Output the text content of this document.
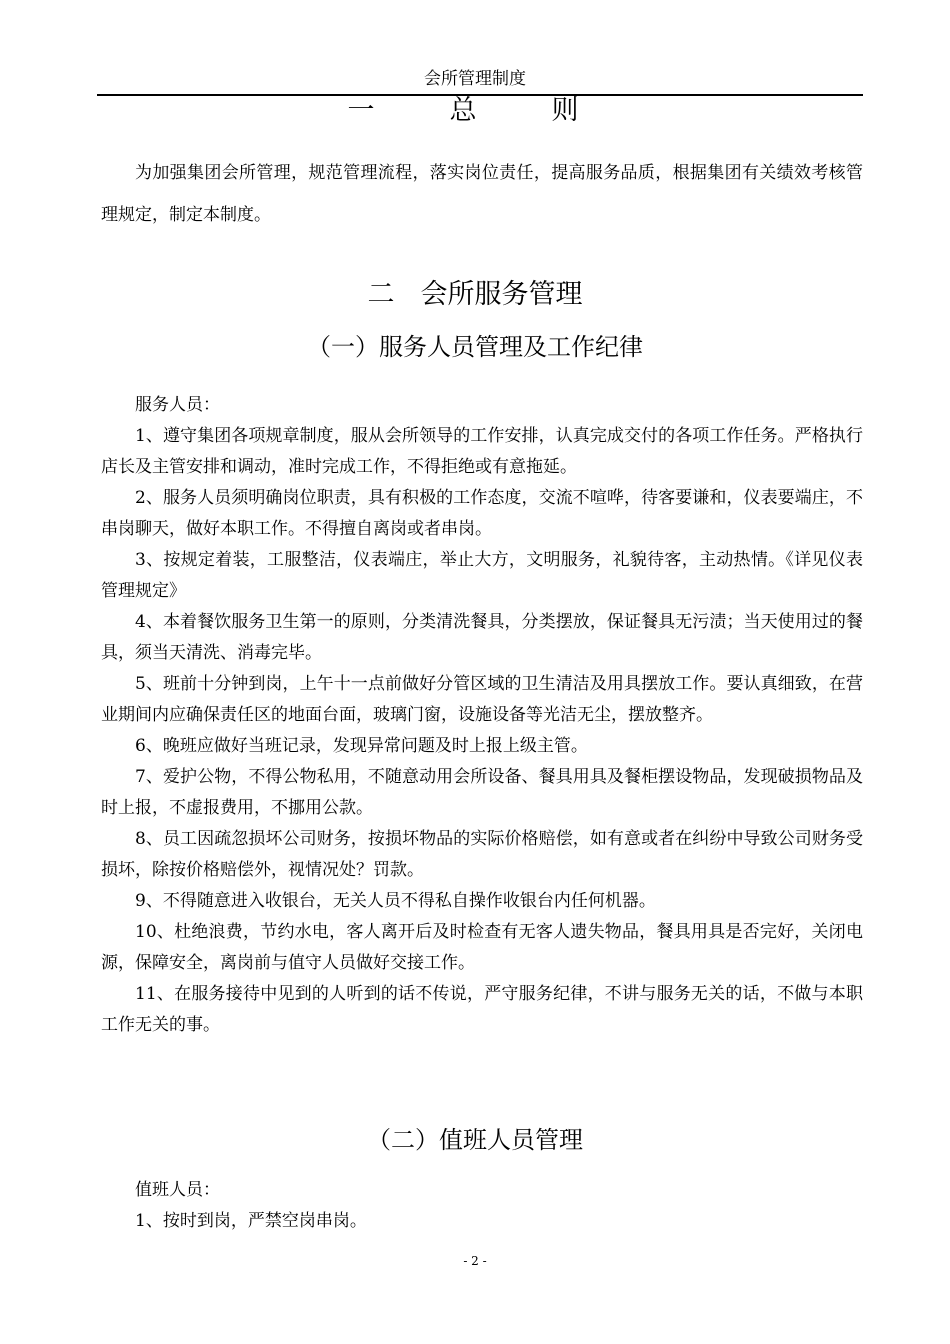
会所管理制度
一　总　则

为加强集团会所管理，规范管理流程，落实岗位责任，提高服务品质，根据集团有关绩效考核管理规定，制定本制度。

二 会所服务管理
（一）服务人员管理及工作纪律

服务人员：

1、遵守集团各项规章制度，服从会所领导的工作安排，认真完成交付的各项工作任务。严格执行店长及主管安排和调动，准时完成工作，不得拒绝或有意拖延。

2、服务人员须明确岗位职责，具有积极的工作态度，交流不喧哗，待客要谦和，仪表要端庄，不串岗聊天，做好本职工作。不得擅自离岗或者串岗。

3、按规定着装，工服整洁，仪表端庄，举止大方，文明服务，礼貌待客，主动热情。《详见仪表管理规定》

4、本着餐饮服务卫生第一的原则，分类清洗餐具，分类摆放，保证餐具无污渍；当天使用过的餐具，须当天清洗、消毒完毕。

5、班前十分钟到岗，上午十一点前做好分管区域的卫生清洁及用具摆放工作。要认真细致，在营业期间内应确保责任区的地面台面，玻璃门窗，设施设备等光洁无尘，摆放整齐。

6、晚班应做好当班记录，发现异常问题及时上报上级主管。

7、爱护公物，不得公物私用，不随意动用会所设备、餐具用具及餐柜摆设物品，发现破损物品及时上报，不虚报费用，不挪用公款。

8、员工因疏忽损坏公司财务，按损坏物品的实际价格赔偿，如有意或者在纠纷中导致公司财务受损坏，除按价格赔偿外，视情况处？罚款。

9、不得随意进入收银台，无关人员不得私自操作收银台内任何机器。

10、杜绝浪费，节约水电，客人离开后及时检查有无客人遗失物品，餐具用具是否完好，关闭电源，保障安全，离岗前与值守人员做好交接工作。

11、在服务接待中见到的人听到的话不传说，严守服务纪律，不讲与服务无关的话，不做与本职工作无关的事。

（二）值班人员管理

值班人员：

1、按时到岗，严禁空岗串岗。

- 2 -
